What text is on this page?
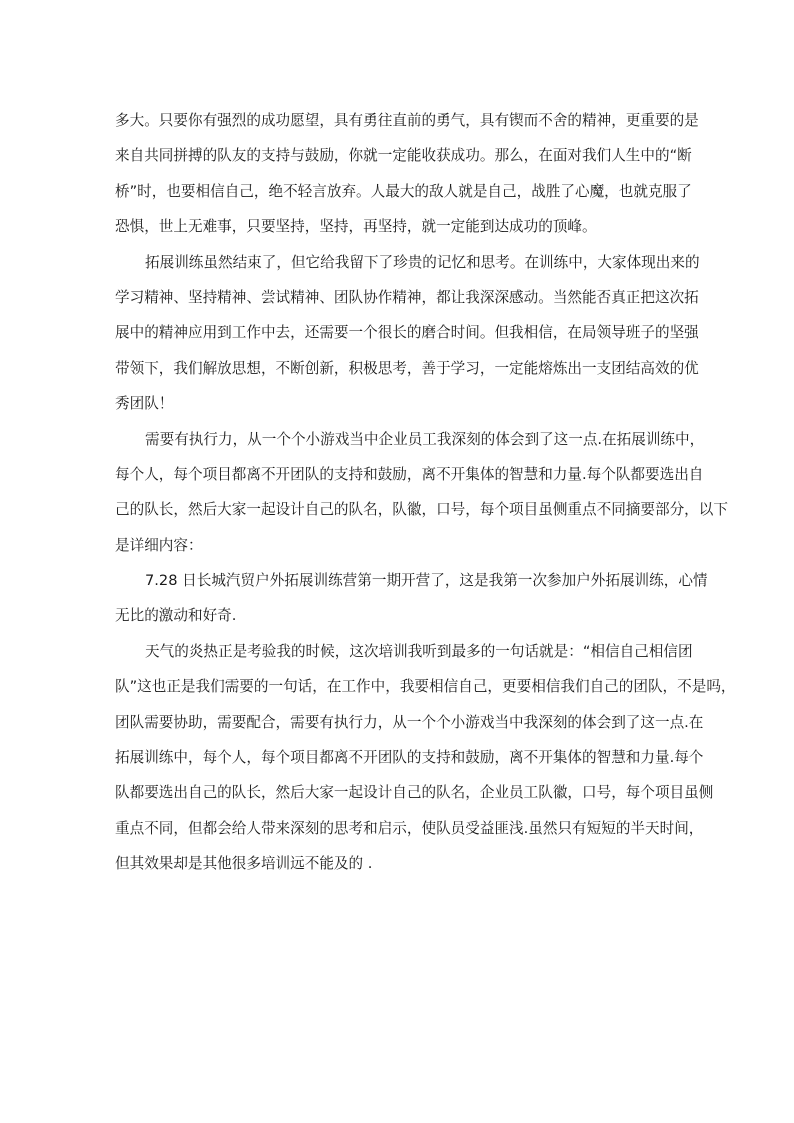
多大。只要你有强烈的成功愿望，具有勇往直前的勇气，具有锲而不舍的精神，更重要的是
来自共同拼搏的队友的支持与鼓励，你就一定能收获成功。那么，在面对我们人生中的“断
桥”时，也要相信自己，绝不轻言放弃。人最大的敌人就是自己，战胜了心魔，也就克服了
恐惧，世上无难事，只要坚持，坚持，再坚持，就一定能到达成功的顶峰。

拓展训练虽然结束了，但它给我留下了珍贵的记忆和思考。在训练中，大家体现出来的
学习精神、坚持精神、尝试精神、团队协作精神，都让我深深感动。当然能否真正把这次拓
展中的精神应用到工作中去，还需要一个很长的磨合时间。但我相信，在局领导班子的坚强
带领下，我们解放思想，不断创新，积极思考，善于学习，一定能熔炼出一支团结高效的优
秀团队！

需要有执行力，从一个个小游戏当中企业员工我深刻的体会到了这一点.在拓展训练中，
每个人，每个项目都离不开团队的支持和鼓励，离不开集体的智慧和力量.每个队都要选出自
己的队长，然后大家一起设计自己的队名，队徽，口号，每个项目虽侧重点不同摘要部分，以下
是详细内容：

7.28 日长城汽贸户外拓展训练营第一期开营了，这是我第一次参加户外拓展训练，心情
无比的激动和好奇.

天气的炎热正是考验我的时候，这次培训我听到最多的一句话就是：“相信自己相信团
队”这也正是我们需要的一句话，在工作中，我要相信自己，更要相信我们自己的团队，不是吗，
团队需要协助，需要配合，需要有执行力，从一个个小游戏当中我深刻的体会到了这一点.在
拓展训练中，每个人，每个项目都离不开团队的支持和鼓励，离不开集体的智慧和力量.每个
队都要选出自己的队长，然后大家一起设计自己的队名，企业员工队徽，口号，每个项目虽侧
重点不同，但都会给人带来深刻的思考和启示，使队员受益匪浅.虽然只有短短的半天时间，
但其效果却是其他很多培训远不能及的 .
